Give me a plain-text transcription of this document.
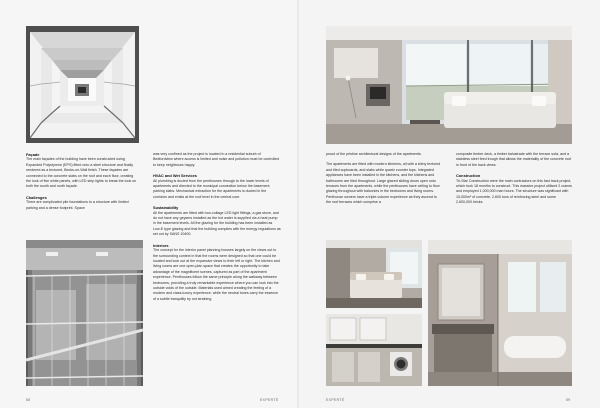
Façade

The main façades of the building have been constructed using Expanded Polystyrene (EPS) fitted onto a steel structure and finally rendered as a textured, Becks-on-Wall finish. These façades are connected to the concrete slabs on the roof and each floor, creating the look of five white panels, with LED strip lights to break the look on both the south and north façade.

Challenges

There are complicated pile foundations to a structure with limited parking and a dense footprint. Space

was very confined as the project is located in a residential suburb of Bedfordview where access is limited and noise and pollution must be controlled to keep neighbours happy.

HVAC and Wet Services

All plumbing is ducted from the penthouses through to the lower levels of apartments and directed to the municipal connection below the basement parking slabs. Mechanical extraction for the apartments is ducted in the corridors and exists at the roof level in the central core.

Sustainability

All the apartments are fitted with low-voltage LED light fittings, a gas stove, and do not have any geysers installed as the hot water is supplied via a heat pump in the basement levels. All the glazing for the building has been installed as Low-E type glazing and that the building complies with the energy regulations as set out by SANS 10400.

Interiors

The concept for the interior panel planning focuses largely on the views out to the surrounding context in that the rooms were designed so that one could be located and look out at the expansive views to their left or right. The kitchen and living rooms are one open-plan space that creates the opportunity to take advantage of the magnificent scenes, captured as part of the apartment experience. Penthouses follow the same principle along the walkway between bedrooms, providing a truly remarkable experience where you can look into the outside voids of the outside. Materials used aimed creating the feeling of a modern and class-luxury experience, while the neutral tones carry the essence of a subtle tranquility by not straining

58	EXPERTÉ

proud of the pristine architectural designs of the apartments.

The apartments are fitted with modern kitchens, all with a shiny textured and tiled cupboards, and slabs while quartz counter tops. Integrated appliances have been installed in the kitchens, and the kitchens and bathrooms are tiled throughout. Large glazed sliding doors open onto terraces from the apartments, while the penthouses have ceiling to floor glazing throughout with balconies in the bedrooms and living rooms. Penthouse owners have a triple-volume experience as they ascend to the roof terraces which comprise a

composite timber deck, a timber balustrade with the terrace sofa, and a stainless steel feed trough that allows the materiality of the concrete roof in front of the back views.

Construction

Tri-Star Construction were the main contractors on this fast track project, which took 18 months to construct. This massive project utilised 2 cranes and employed 1,000,000 man hours. The structure was significant with 15,000m² of concrete, 2,600 tons of reinforcing steel and some 2,600,000 bricks.

EXPERTÉ	59
